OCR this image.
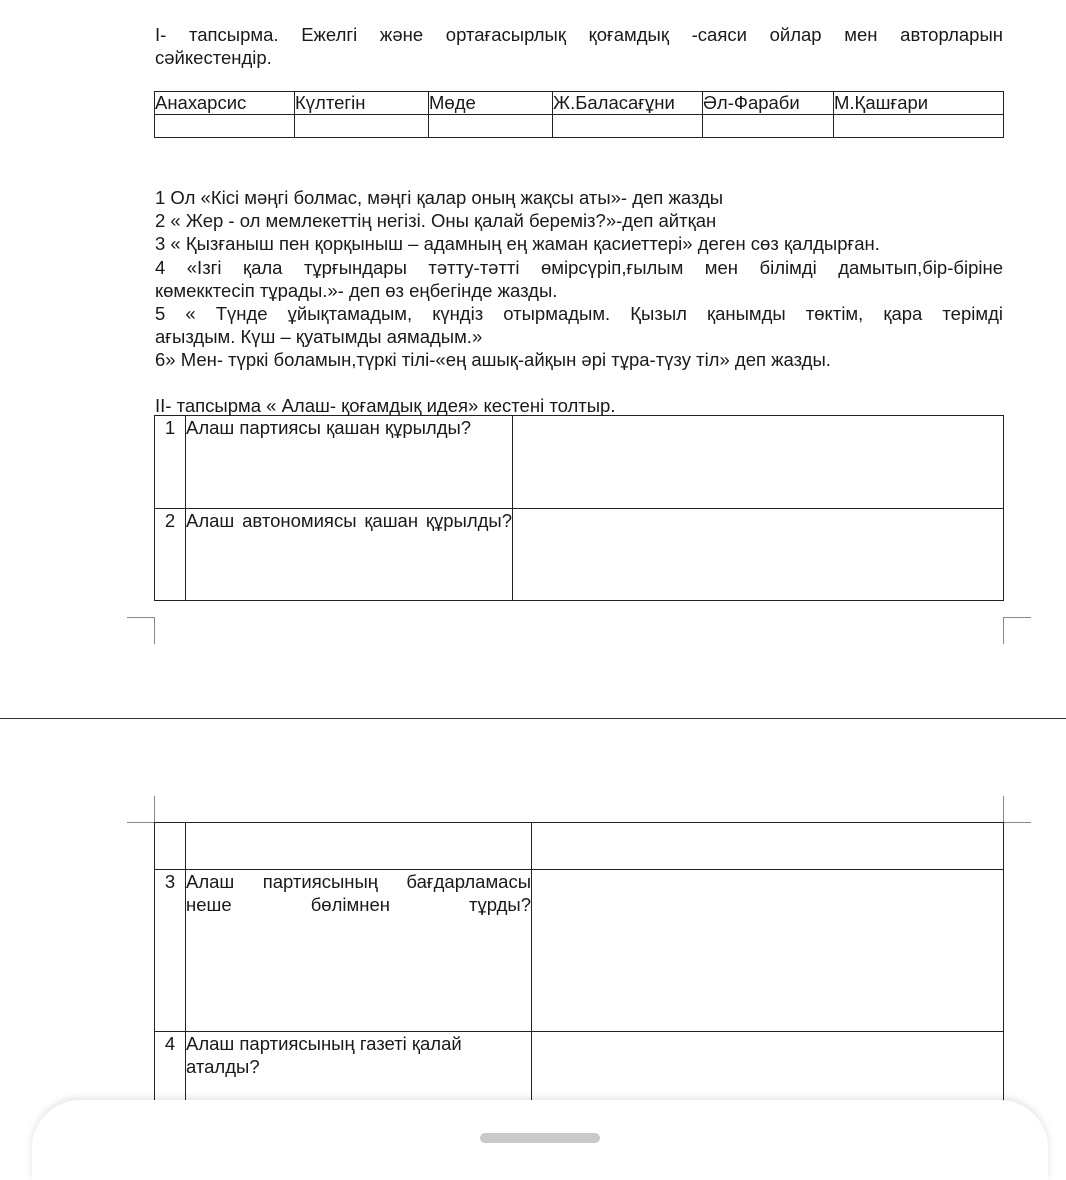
I- тапсырма. Ежелгі және ортағасырлық қоғамдық -саяси ойлар мен авторларын
сәйкестендір.
Анахарсис	Күлтегін	Мөде	Ж.Баласағұни	Әл-Фараби	М.Қашғари

1 Ол «Кісі мәңгі болмас, мәңгі қалар оның жақсы аты»- деп жазды
2 « Жер - ол мемлекеттің негізі. Оны қалай береміз?»-деп айтқан
3 « Қызғаныш пен қорқыныш – адамның ең жаман қасиеттері» деген сөз қалдырған.
4 «Ізгі қала тұрғындары тәтту-тәтті өмірсүріп,ғылым мен білімді дамытып,бір-біріне
көмекктесіп тұрады.»- деп өз еңбегінде жазды.
5 « Түнде ұйықтамадым, күндіз отырмадым. Қызыл қанымды төктім, қара терімді
ағыздым. Күш – қуатымды аямадым.»
6» Мен- түркі боламын,түркі тілі-«ең ашық-айқын әрі тұра-түзу тіл» деп жазды.
II- тапсырма « Алаш- қоғамдық идея» кестені толтыр.
1	Алаш партиясы қашан құрылды?	
2	Алаш автономиясы қашан құрылды?	

3	Алаш партиясының бағдарламасы неше бөлімнен тұрды?	
4	Алаш партиясының газеті қалай аталды?	
